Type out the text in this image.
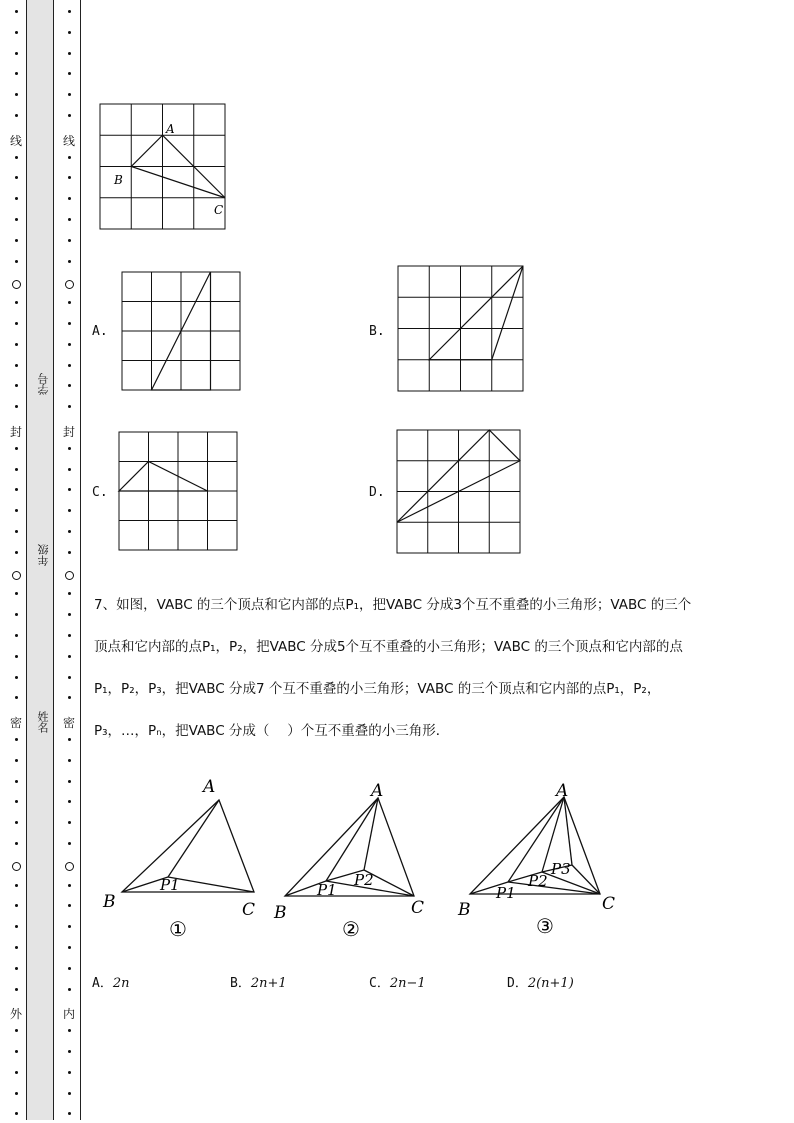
线
封
密
外
线
封
密
内
学号
年级
姓名
A
B
C
A.	B.
C.	D.
7、如图，VABC 的三个顶点和它内部的点P₁，把VABC 分成3个互不重叠的小三角形；VABC 的三个
顶点和它内部的点P₁，P₂，把VABC 分成5个互不重叠的小三角形；VABC 的三个顶点和它内部的点
P₁，P₂，P₃，把VABC 分成7 个互不重叠的小三角形；VABC 的三个顶点和它内部的点P₁，P₂，
P₃，…，Pₙ，把VABC 分成（　 ）个互不重叠的小三角形．
A
B	C
P1
①
A
B	C
P1
P2
②
A
B	C
P1
P2
P3
③
A．2n	B．2n+1	C．2n−1	D．2(n+1)
